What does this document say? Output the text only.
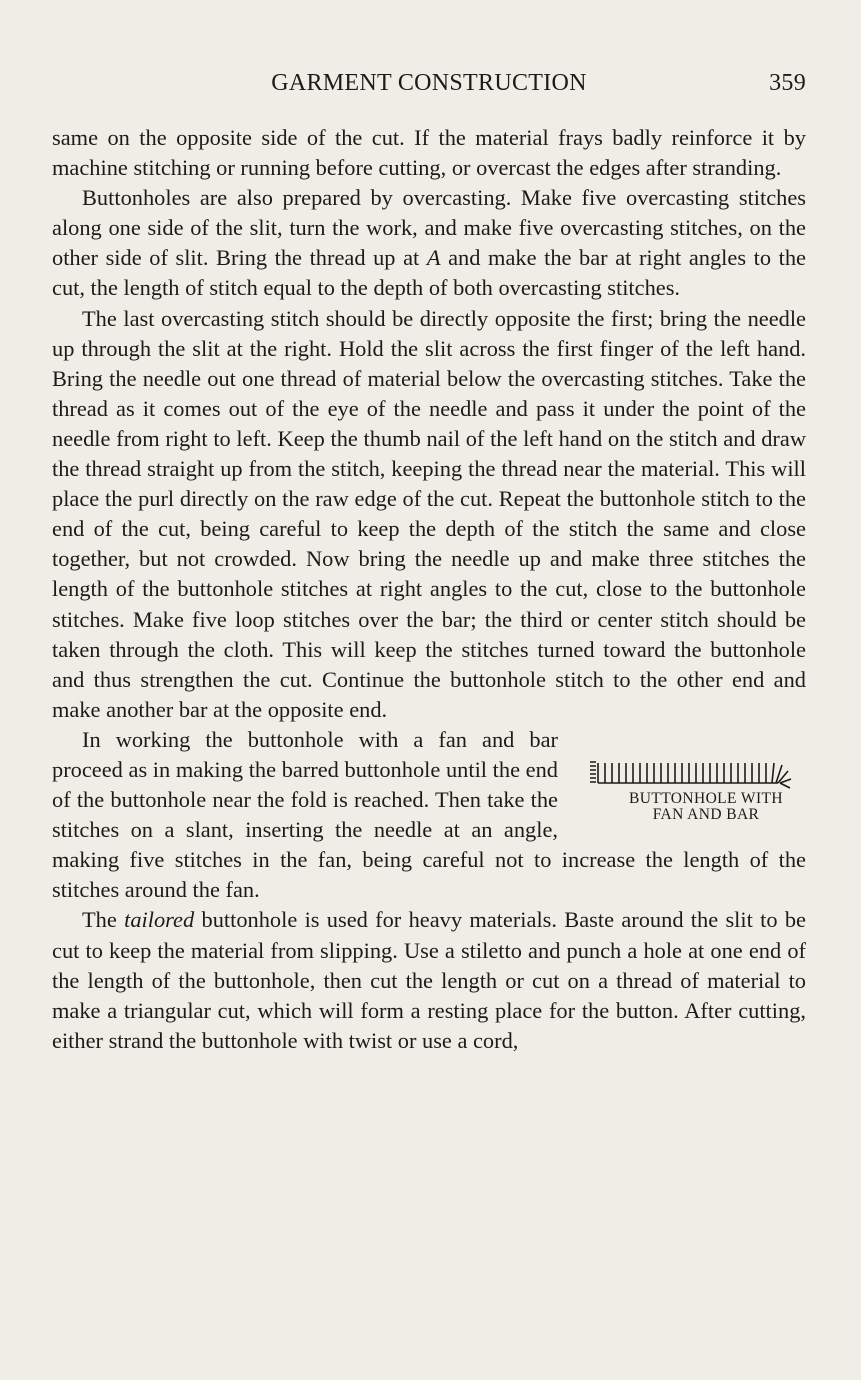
GARMENT CONSTRUCTION	359

same on the opposite side of the cut. If the material frays badly reinforce it by machine stitching or running before cutting, or overcast the edges after stranding.

Buttonholes are also prepared by overcasting. Make five overcasting stitches along one side of the slit, turn the work, and make five overcasting stitches, on the other side of slit. Bring the thread up at A and make the bar at right angles to the cut, the length of stitch equal to the depth of both overcasting stitches.

The last overcasting stitch should be directly opposite the first; bring the needle up through the slit at the right. Hold the slit across the first finger of the left hand. Bring the needle out one thread of material below the overcasting stitches. Take the thread as it comes out of the eye of the needle and pass it under the point of the needle from right to left. Keep the thumb nail of the left hand on the stitch and draw the thread straight up from the stitch, keeping the thread near the material. This will place the purl directly on the raw edge of the cut. Repeat the buttonhole stitch to the end of the cut, being careful to keep the depth of the stitch the same and close together, but not crowded. Now bring the needle up and make three stitches the length of the buttonhole stitches at right angles to the cut, close to the buttonhole stitches. Make five loop stitches over the bar; the third or center stitch should be taken through the cloth. This will keep the stitches turned toward the buttonhole and thus strengthen the cut. Continue the buttonhole stitch to the other end and make another bar at the opposite end.

BUTTONHOLE WITH
FAN AND BAR
In working the buttonhole with a fan and bar proceed as in making the barred buttonhole until the end of the buttonhole near the fold is reached. Then take the stitches on a slant, inserting the needle at an angle, making five stitches in the fan, being careful not to increase the length of the stitches around the fan.

The tailored buttonhole is used for heavy materials. Baste around the slit to be cut to keep the material from slipping. Use a stiletto and punch a hole at one end of the length of the buttonhole, then cut the length or cut on a thread of material to make a triangular cut, which will form a resting place for the button. After cutting, either strand the buttonhole with twist or use a cord,
